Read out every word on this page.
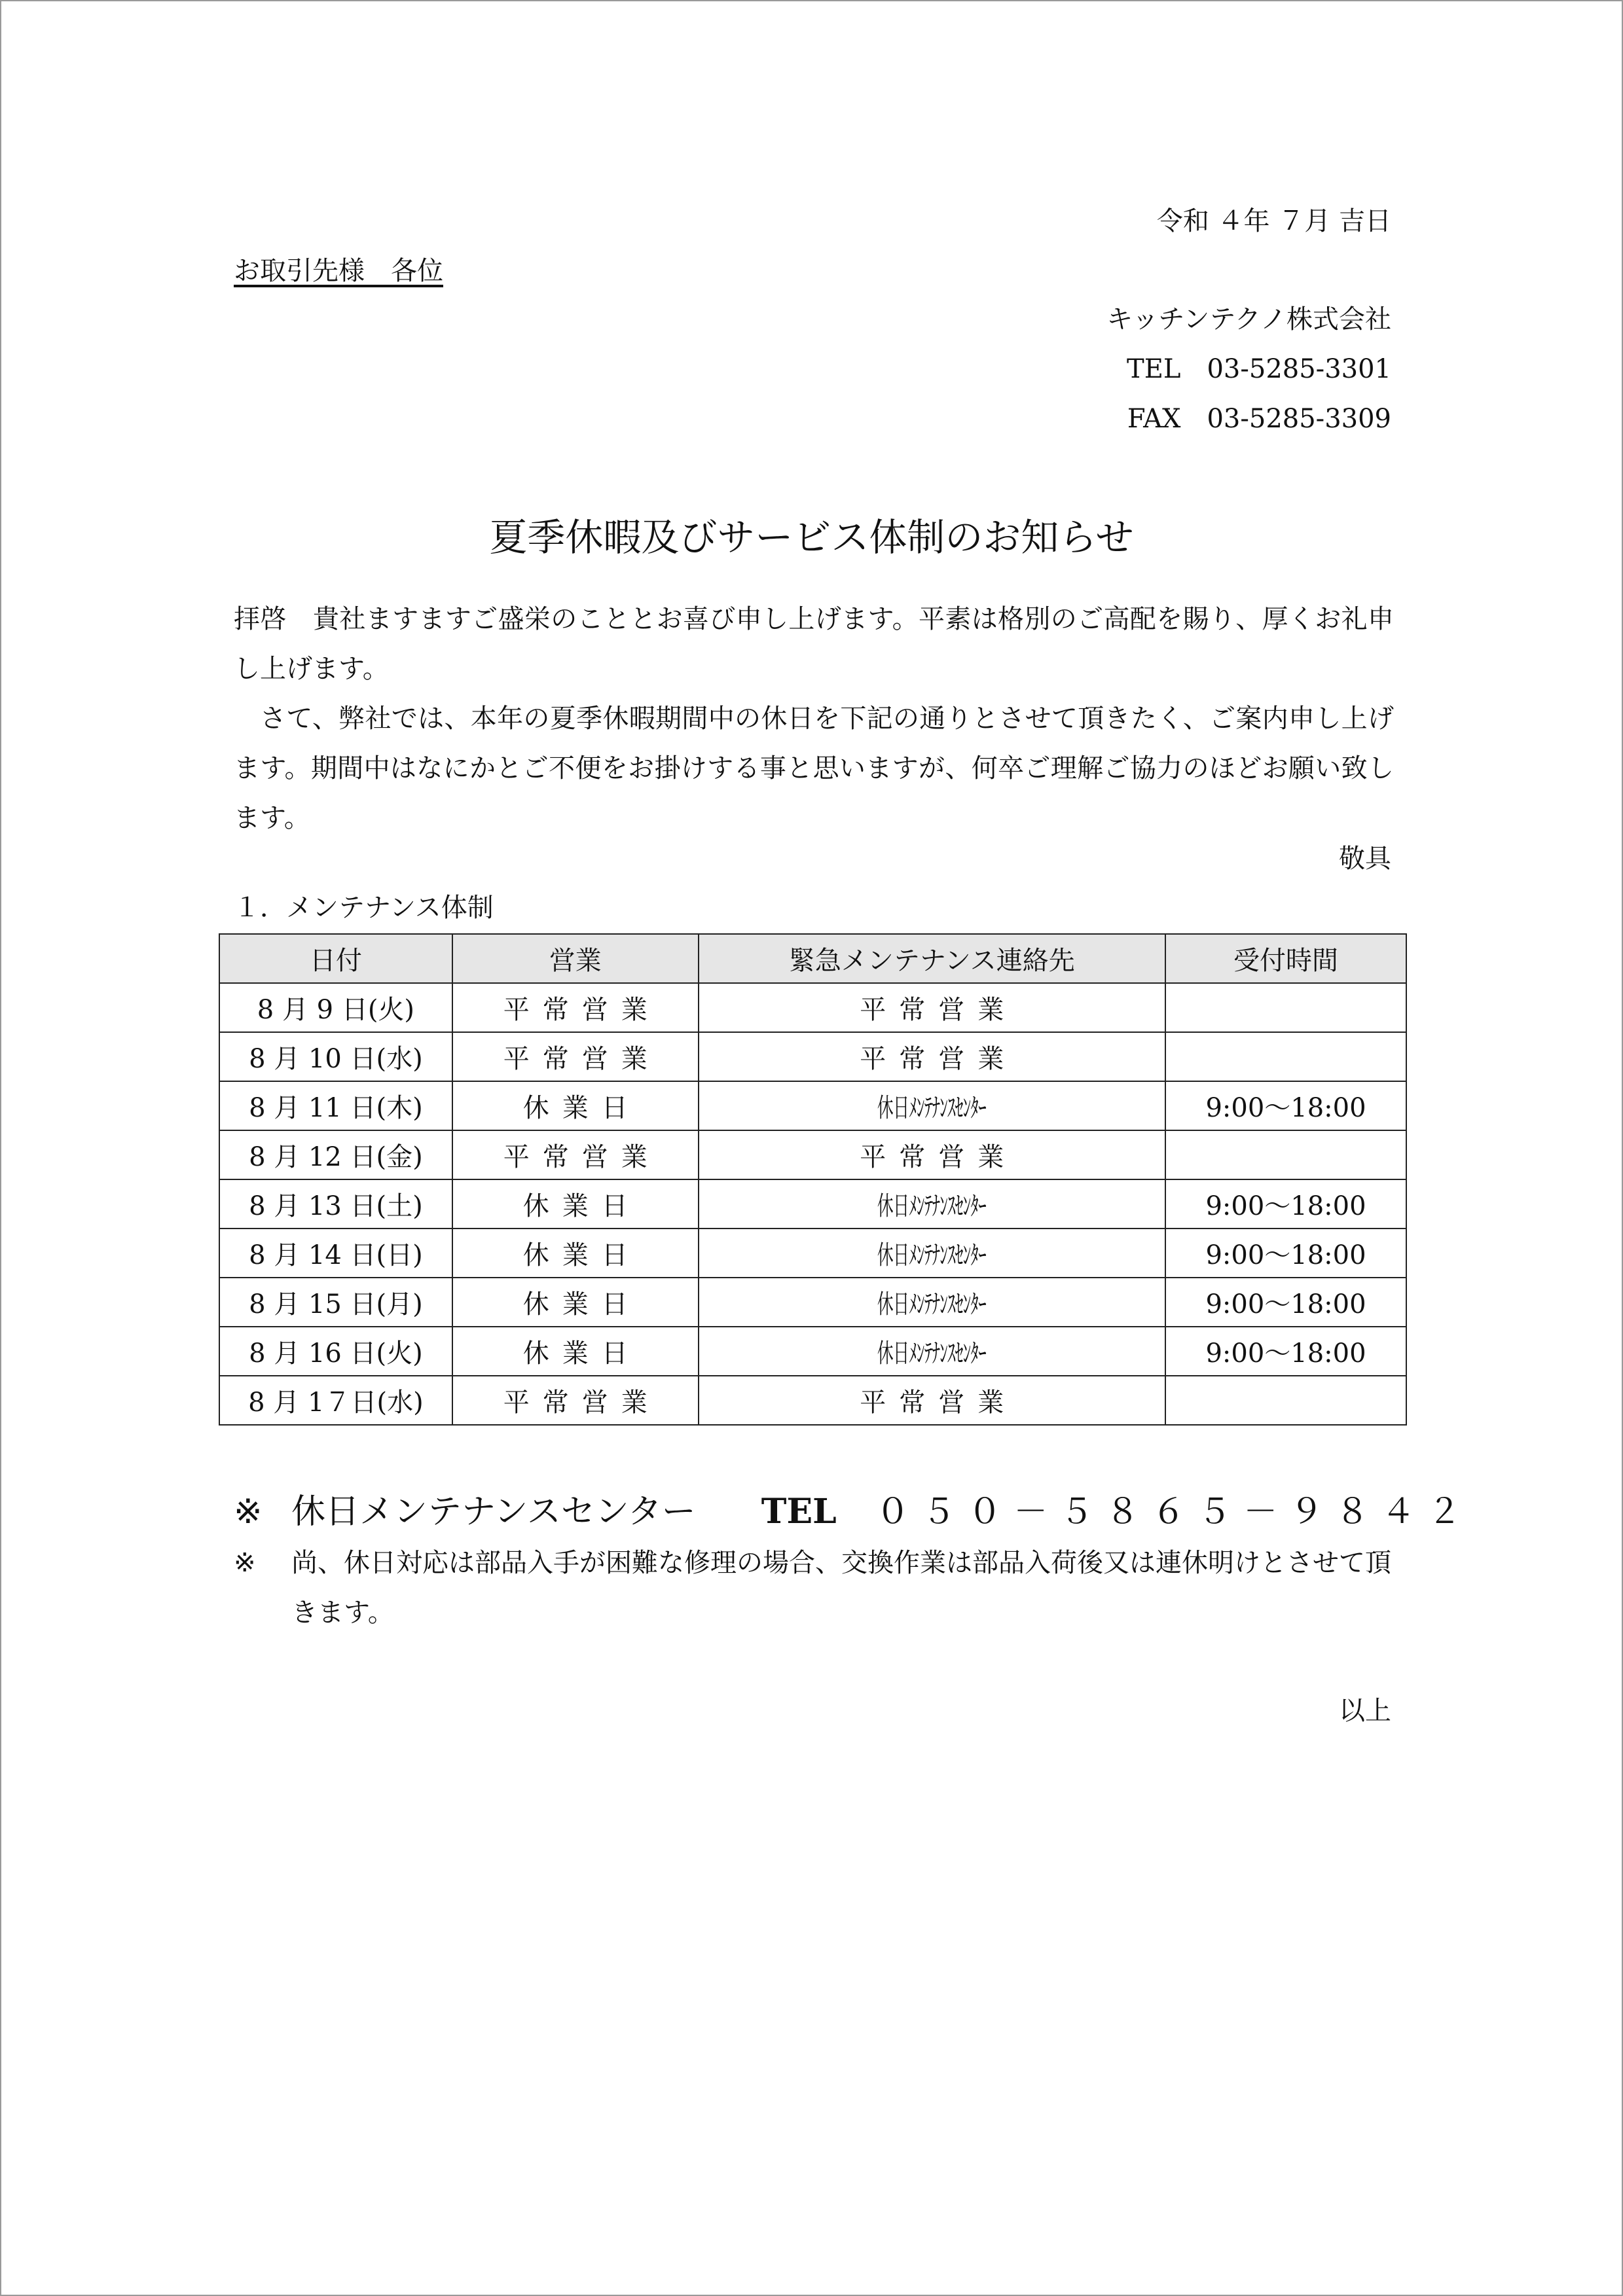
令和 ４年 ７月 吉日
お取引先様　各位
キッチンテクノ株式会社
TEL　03-5285-3301
FAX　03-5285-3309
夏季休暇及びサービス体制のお知らせ

拝啓　貴社ますますご盛栄のこととお喜び申し上げます。平素は格別のご高配を賜り、厚くお礼申し上げます。

さて、弊社では、本年の夏季休暇期間中の休日を下記の通りとさせて頂きたく、ご案内申し上げます。期間中はなにかとご不便をお掛けする事と思いますが、何卒ご理解ご協力のほどお願い致します。

敬具
１．メンテナンス体制
日付	営業	緊急メンテナンス連絡先	受付時間
8 月 9 日(火)	平常営業	平常営業	
8 月 10 日(水)	平常営業	平常営業	
8 月 11 日(木)	休業日	休日ﾒﾝﾃﾅﾝｽｾﾝﾀｰ	9:00～18:00
8 月 12 日(金)	平常営業	平常営業	
8 月 13 日(土)	休業日	休日ﾒﾝﾃﾅﾝｽｾﾝﾀｰ	9:00～18:00
8 月 14 日(日)	休業日	休日ﾒﾝﾃﾅﾝｽｾﾝﾀｰ	9:00～18:00
8 月 15 日(月)	休業日	休日ﾒﾝﾃﾅﾝｽｾﾝﾀｰ	9:00～18:00
8 月 16 日(火)	休業日	休日ﾒﾝﾃﾅﾝｽｾﾝﾀｰ	9:00～18:00
8 月 1７日(水)	平常営業	平常営業	
※ 休日メンテナンスセンター TEL ０５０－５８６５－９８４２
※ 尚、休日対応は部品入手が困難な修理の場合、交換作業は部品入荷後又は連休明けとさせて頂きます。
以上
